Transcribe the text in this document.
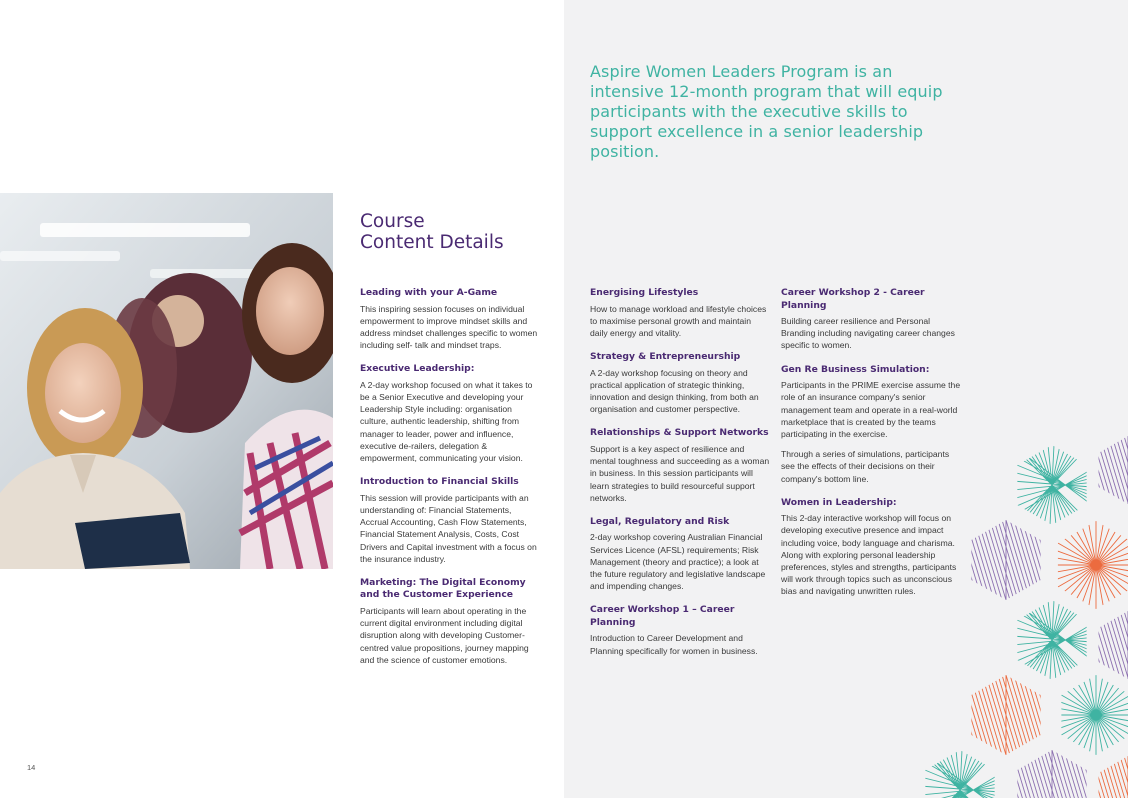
Aspire Women Leaders Program is an intensive 12-month program that will equip participants with the executive skills to support excellence in a senior leadership position.
Course
Content Details
Leading with your A-Game

This inspiring session focuses on individual empowerment to improve mindset skills and address mindset challenges specific to women including self- talk and mindset traps.

Executive Leadership:

A 2-day workshop focused on what it takes to be a Senior Executive and developing your Leadership Style including: organisation culture, authentic leadership, shifting from manager to leader, power and influence, executive de-railers, delegation & empowerment, communicating your vision.

Introduction to Financial Skills

This session will provide participants with an understanding of: Financial Statements, Accrual Accounting, Cash Flow Statements, Financial Statement Analysis, Costs, Cost Drivers and Capital investment with a focus on the insurance industry.

Marketing: The Digital Economy and the Customer Experience

Participants will learn about operating in the current digital environment including digital disruption along with developing Customer-centred value propositions, journey mapping and the science of customer emotions.

Energising Lifestyles

How to manage workload and lifestyle choices to maximise personal growth and maintain daily energy and vitality.

Strategy & Entrepreneurship

A 2-day workshop focusing on theory and practical application of strategic thinking, innovation and design thinking, from both an organisation and customer perspective.

Relationships & Support Networks

Support is a key aspect of resilience and mental toughness and succeeding as a woman in business. In this session participants will learn strategies to build resourceful support networks.

Legal, Regulatory and Risk

2-day workshop covering Australian Financial Services Licence (AFSL) requirements; Risk Management (theory and practice); a look at the future regulatory and legislative landscape and impending changes.

Career Workshop 1 – Career Planning

Introduction to Career Development and Planning specifically for women in business.

Career Workshop 2 - Career Planning

Building career resilience and Personal Branding including navigating career changes specific to women.

Gen Re Business Simulation:

Participants in the PRIME exercise assume the role of an insurance company's senior management team and operate in a real-world marketplace that is created by the teams participating in the exercise.

Through a series of simulations, participants see the effects of their decisions on their company's bottom line.

Women in Leadership:

This 2-day interactive workshop will focus on developing executive presence and impact including voice, body language and charisma. Along with exploring personal leadership preferences, styles and strengths, participants will work through topics such as unconscious bias and navigating unwritten rules.

14
